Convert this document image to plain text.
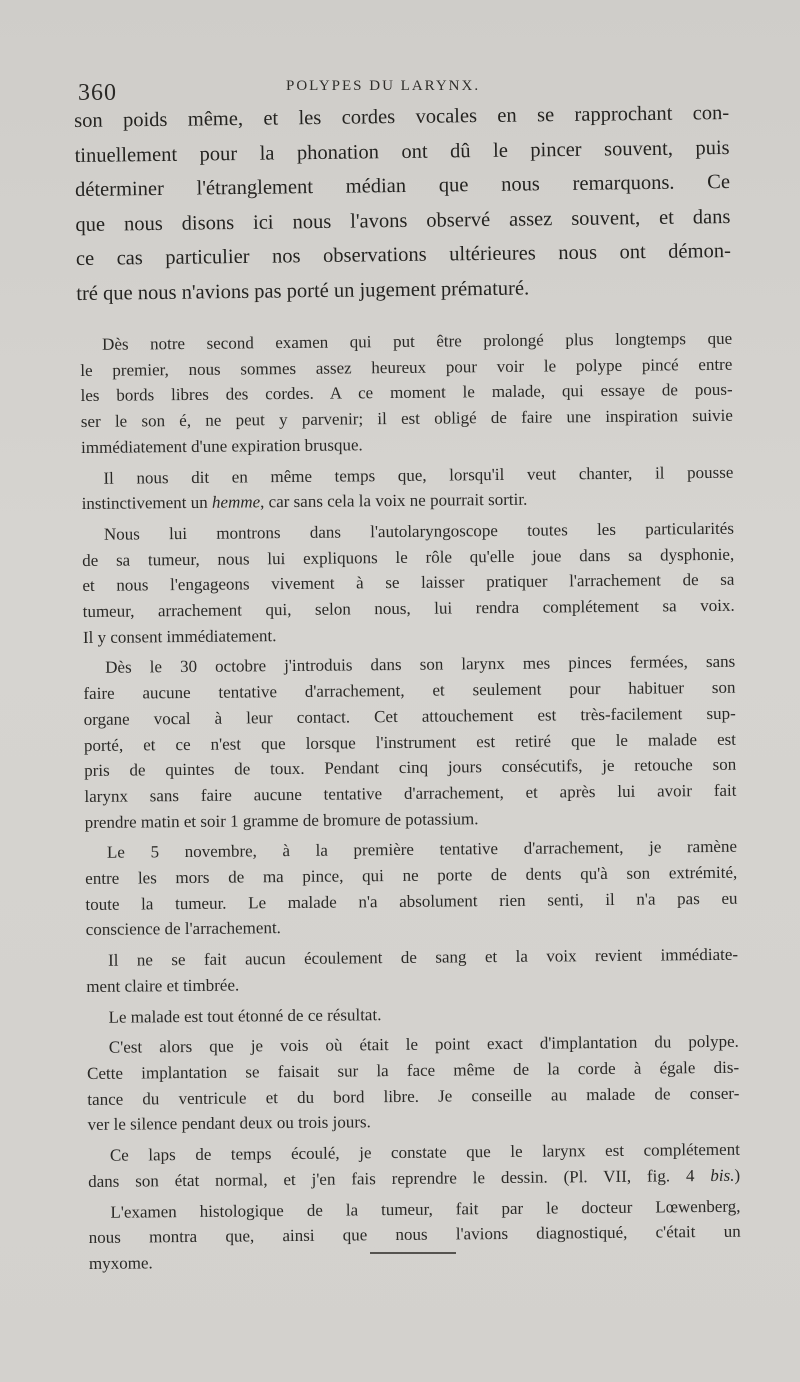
360	POLYPES DU LARYNX.
son poids même, et les cordes vocales en se rapprochant con-
tinuellement pour la phonation ont dû le pincer souvent, puis
déterminer l'étranglement médian que nous remarquons. Ce
que nous disons ici nous l'avons observé assez souvent, et dans
ce cas particulier nos observations ultérieures nous ont démon-
tré que nous n'avions pas porté un jugement prématuré.
Dès notre second examen qui put être prolongé plus longtemps que
le premier, nous sommes assez heureux pour voir le polype pincé entre
les bords libres des cordes. A ce moment le malade, qui essaye de pous-
ser le son é, ne peut y parvenir; il est obligé de faire une inspiration suivie
immédiatement d'une expiration brusque.
Il nous dit en même temps que, lorsqu'il veut chanter, il pousse
instinctivement un hemme, car sans cela la voix ne pourrait sortir.
Nous lui montrons dans l'autolaryngoscope toutes les particularités
de sa tumeur, nous lui expliquons le rôle qu'elle joue dans sa dysphonie,
et nous l'engageons vivement à se laisser pratiquer l'arrachement de sa
tumeur, arrachement qui, selon nous, lui rendra complétement sa voix.
Il y consent immédiatement.
Dès le 30 octobre j'introduis dans son larynx mes pinces fermées, sans
faire aucune tentative d'arrachement, et seulement pour habituer son
organe vocal à leur contact. Cet attouchement est très-facilement sup-
porté, et ce n'est que lorsque l'instrument est retiré que le malade est
pris de quintes de toux. Pendant cinq jours consécutifs, je retouche son
larynx sans faire aucune tentative d'arrachement, et après lui avoir fait
prendre matin et soir 1 gramme de bromure de potassium.
Le 5 novembre, à la première tentative d'arrachement, je ramène
entre les mors de ma pince, qui ne porte de dents qu'à son extrémité,
toute la tumeur. Le malade n'a absolument rien senti, il n'a pas eu
conscience de l'arrachement.
Il ne se fait aucun écoulement de sang et la voix revient immédiate-
ment claire et timbrée.
Le malade est tout étonné de ce résultat.
C'est alors que je vois où était le point exact d'implantation du polype.
Cette implantation se faisait sur la face même de la corde à égale dis-
tance du ventricule et du bord libre. Je conseille au malade de conser-
ver le silence pendant deux ou trois jours.
Ce laps de temps écoulé, je constate que le larynx est complétement
dans son état normal, et j'en fais reprendre le dessin. (Pl. VII, fig. 4 bis.)
L'examen histologique de la tumeur, fait par le docteur Lœwenberg,
nous montra que, ainsi que nous l'avions diagnostiqué, c'était un
myxome.
